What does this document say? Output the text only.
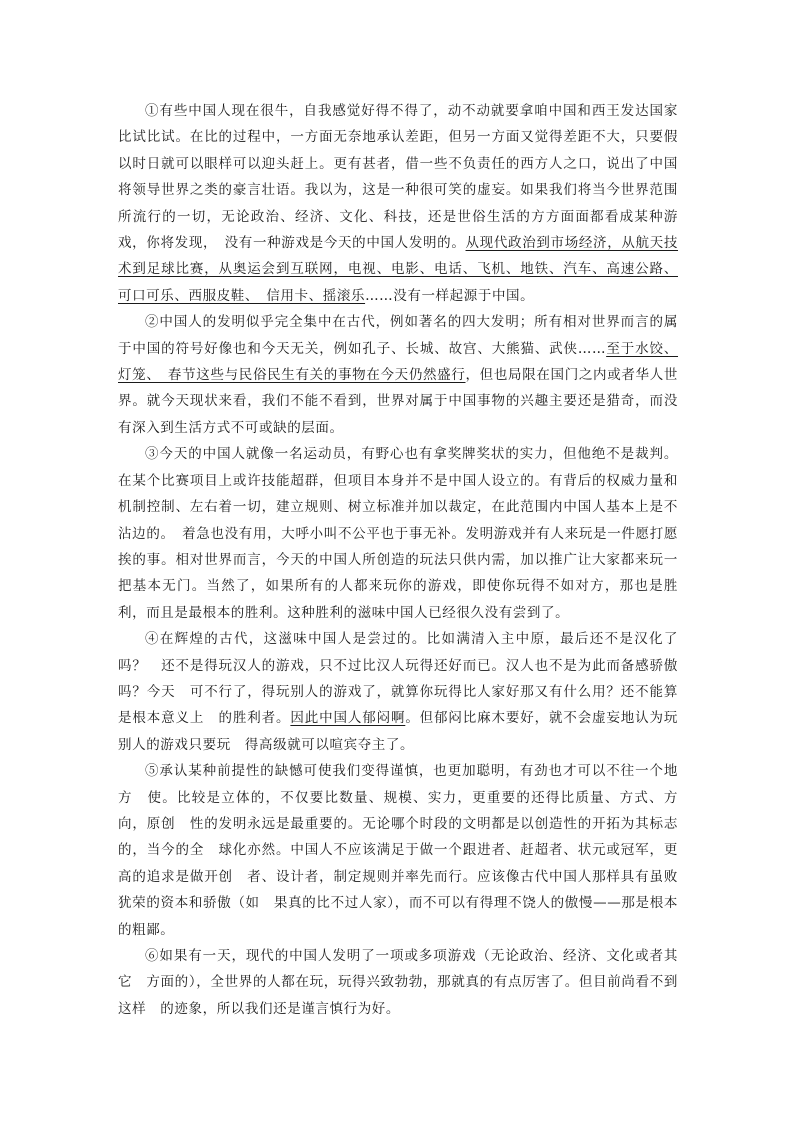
①有些中国人现在很牛，自我感觉好得不得了，动不动就要拿咱中国和西王发达国家比试比试。在比的过程中，一方面无奈地承认差距，但另一方面又觉得差距不大，只要假以时日就可以眼样可以迎头赶上。更有甚者，借一些不负责任的西方人之口，说出了中国将领导世界之类的豪言壮语。我以为，这是一种很可笑的虚妄。如果我们将当今世界范围所流行的一切，无论政治、经济、文化、科技，还是世俗生活的方方面面都看成某种游戏，你将发现，　没有一种游戏是今天的中国人发明的。从现代政治到市场经济，从航天技术到足球比赛，从奥运会到互联网，电视、电影、电话、飞机、地铁、汽车、高速公路、可口可乐、西服皮鞋、　信用卡、摇滚乐……没有一样起源于中国。

②中国人的发明似乎完全集中在古代，例如著名的四大发明；所有相对世界而言的属于中国的符号好像也和今天无关，例如孔子、长城、故宫、大熊猫、武侠……至于水饺、灯笼、　春节这些与民俗民生有关的事物在今天仍然盛行，但也局限在国门之内或者华人世界。就今天现状来看，我们不能不看到，世界对属于中国事物的兴趣主要还是猎奇，而没有深入到生活方式不可或缺的层面。

③今天的中国人就像一名运动员，有野心也有拿奖牌奖状的实力，但他绝不是裁判。在某个比赛项目上或许技能超群，但项目本身并不是中国人设立的。有背后的权威力量和机制控制、左右着一切，建立规则、树立标准并加以裁定，在此范围内中国人基本上是不沾边的。　着急也没有用，大呼小叫不公平也于事无补。发明游戏并有人来玩是一件愿打愿挨的事。相对世界而言，今天的中国人所创造的玩法只供内需，加以推广让大家都来玩一把基本无门。当然了，如果所有的人都来玩你的游戏，即使你玩得不如对方，那也是胜利，而且是最根本的胜利。这种胜利的滋味中国人已经很久没有尝到了。

④在辉煌的古代，这滋味中国人是尝过的。比如满清入主中原，最后还不是汉化了吗？　还不是得玩汉人的游戏，只不过比汉人玩得还好而已。汉人也不是为此而备感骄傲吗？今天　可不行了，得玩别人的游戏了，就算你玩得比人家好那又有什么用？还不能算是根本意义上　的胜利者。因此中国人郁闷啊。但郁闷比麻木要好，就不会虚妄地认为玩别人的游戏只要玩　得高级就可以喧宾夺主了。

⑤承认某种前提性的缺憾可使我们变得谨慎，也更加聪明，有劲也才可以不往一个地方　使。比较是立体的，不仅要比数量、规模、实力，更重要的还得比质量、方式、方向，原创　性的发明永远是最重要的。无论哪个时段的文明都是以创造性的开拓为其标志的，当今的全　球化亦然。中国人不应该满足于做一个跟进者、赶超者、状元或冠军，更高的追求是做开创　者、设计者，制定规则并率先而行。应该像古代中国人那样具有虽败犹荣的资本和骄傲（如　果真的比不过人家），而不可以有得理不饶人的傲慢——那是根本的粗鄙。

⑥如果有一天，现代的中国人发明了一项或多项游戏（无论政治、经济、文化或者其它　方面的），全世界的人都在玩，玩得兴致勃勃，那就真的有点厉害了。但目前尚看不到这样　的迹象，所以我们还是谨言慎行为好。
